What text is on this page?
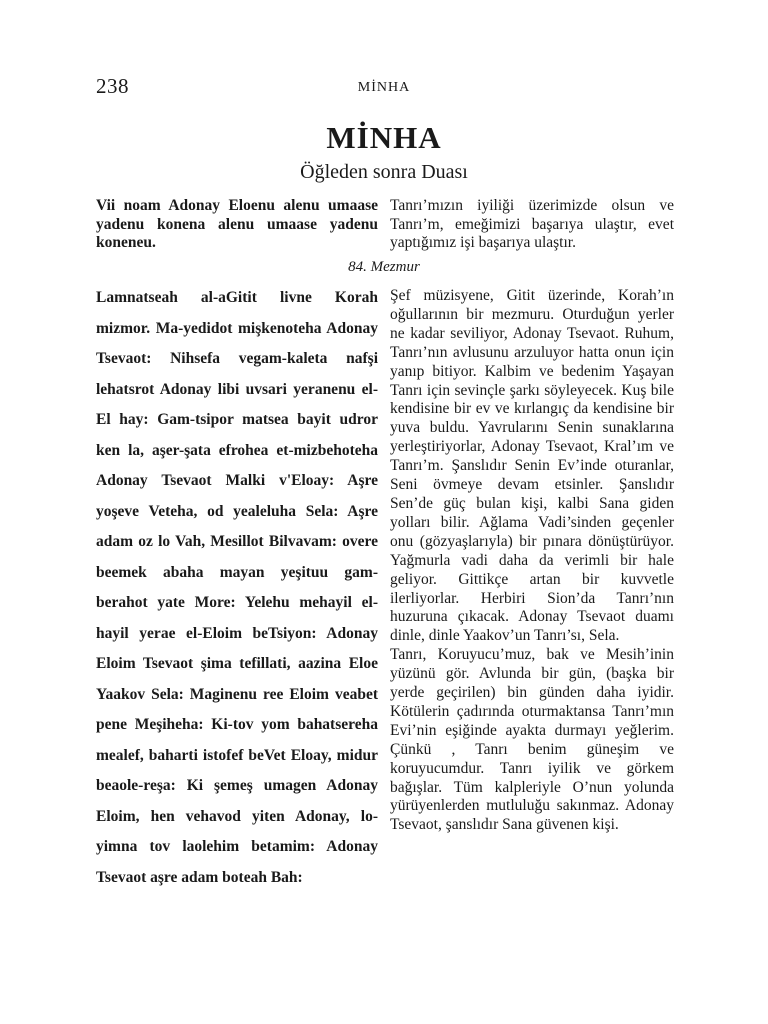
238	MİNHA
MİNHA
Öğleden sonra Duası

Vii noam Adonay Eloenu alenu umaase yadenu konena alenu umaase yadenu koneneu.

Tanrı’mızın iyiliği üzerimizde olsun ve Tanrı’m, emeğimizi başarıya ulaştır, evet yaptığımız işi başarıya ulaştır.

84. Mezmur

Lamnatseah al-aGitit livne Korah mizmor. Ma-yedidot mişkenoteha Adonay Tsevaot: Nihsefa vegam-kaleta nafşi lehatsrot Adonay libi uvsari yeranenu el-El hay: Gam-tsipor matsea bayit udror ken la, aşer-şata efrohea et-mizbehoteha Adonay Tsevaot Malki v'Eloay: Aşre yoşeve Veteha, od yealeluha Sela: Aşre adam oz lo Vah, Mesillot Bilvavam: overe beemek abaha mayan yeşituu gam-berahot yate More: Yelehu mehayil el-hayil yerae el-Eloim beTsiyon: Adonay Eloim Tsevaot şima tefillati, aazina Eloe Yaakov Sela: Maginenu ree Eloim veabet pene Meşiheha: Ki-tov yom bahatsereha mealef, baharti istofef beVet Eloay, midur beaole-reşa: Ki şemeş umagen Adonay Eloim, hen vehavod yiten Adonay, lo-yimna tov laolehim betamim: Adonay Tsevaot aşre adam boteah Bah:

Şef müzisyene, Gitit üzerinde, Korah’ın oğullarının bir mezmuru. Oturduğun yerler ne kadar seviliyor, Adonay Tsevaot. Ruhum, Tanrı’nın avlusunu arzuluyor hatta onun için yanıp bitiyor. Kalbim ve bedenim Yaşayan Tanrı için sevinçle şarkı söyleyecek. Kuş bile kendisine bir ev ve kırlangıç da kendisine bir yuva buldu. Yavrularını Senin sunaklarına yerleştiriyorlar, Adonay Tsevaot, Kral’ım ve Tanrı’m. Şanslıdır Senin Ev’inde oturanlar, Seni övmeye devam etsinler. Şanslıdır Sen’de güç bulan kişi, kalbi Sana giden yolları bilir. Ağlama Vadi’sinden geçenler onu (gözyaşlarıyla) bir pınara dönüştürüyor. Yağmurla vadi daha da verimli bir hale geliyor. Gittikçe artan bir kuvvetle ilerliyorlar. Herbiri Sion’da Tanrı’nın huzuruna çıkacak. Adonay Tsevaot duamı dinle, dinle Yaakov’un Tanrı’sı, Sela.

Tanrı, Koruyucu’muz, bak ve Mesih’inin yüzünü gör. Avlunda bir gün, (başka bir yerde geçirilen) bin günden daha iyidir. Kötülerin çadırında oturmaktansa Tanrı’mın Evi’nin eşiğinde ayakta durmayı yeğlerim. Çünkü , Tanrı benim güneşim ve koruyucumdur. Tanrı iyilik ve görkem bağışlar. Tüm kalpleriyle O’nun yolunda yürüyenlerden mutluluğu sakınmaz. Adonay Tsevaot, şanslıdır Sana güvenen kişi.
